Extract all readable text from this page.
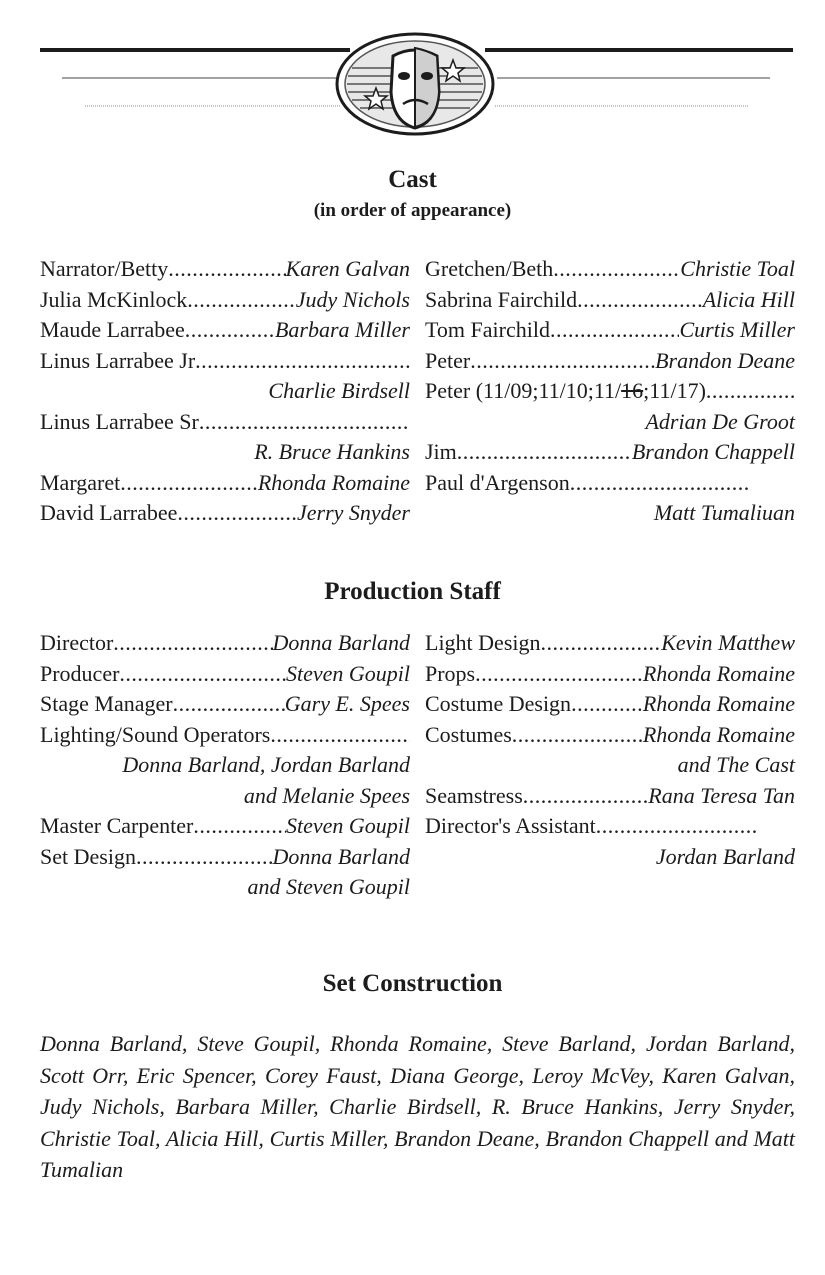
Cast
(in order of appearance)
Narrator/Betty .....	Karen Galvan
Julia McKinlock .....	Judy Nichols
Maude Larrabee .....	Barbara Miller
Linus Larrabee Jr
.....
Charlie Birdsell
Linus Larrabee Sr
.....
R. Bruce Hankins
Margaret .....	Rhonda Romaine
David Larrabee .....	Jerry Snyder
Gretchen/Beth .....	Christie Toal
Sabrina Fairchild .....	Alicia Hill
Tom Fairchild .....	Curtis Miller
Peter .....	Brandon Deane
Peter (11/09;11/10;11/16;11/17)
.....
Adrian De Groot
Jim .....	Brandon Chappell
Paul d'Argenson
.....
Matt Tumaliuan
Production Staff
Director .....	Donna Barland
Producer .....	Steven Goupil
Stage Manager .....	Gary E. Spees
Lighting/Sound Operators
.....
Donna Barland, Jordan Barland
and Melanie Spees
Master Carpenter .....	Steven Goupil
Set Design .....	Donna Barland
and Steven Goupil
Light Design .....	Kevin Matthew
Props .....	Rhonda Romaine
Costume Design .....	Rhonda Romaine
Costumes .....	Rhonda Romaine
and The Cast
Seamstress .....	Rana Teresa Tan
Director's Assistant
.....
Jordan Barland
Set Construction

Donna Barland, Steve Goupil, Rhonda Romaine, Steve Barland, Jordan Barland, Scott Orr, Eric Spencer, Corey Faust, Diana George, Leroy McVey, Karen Galvan, Judy Nichols, Barbara Miller, Charlie Birdsell, R. Bruce Hankins, Jerry Snyder, Christie Toal, Alicia Hill, Curtis Miller, Brandon Deane, Brandon Chappell and Matt Tumalian
